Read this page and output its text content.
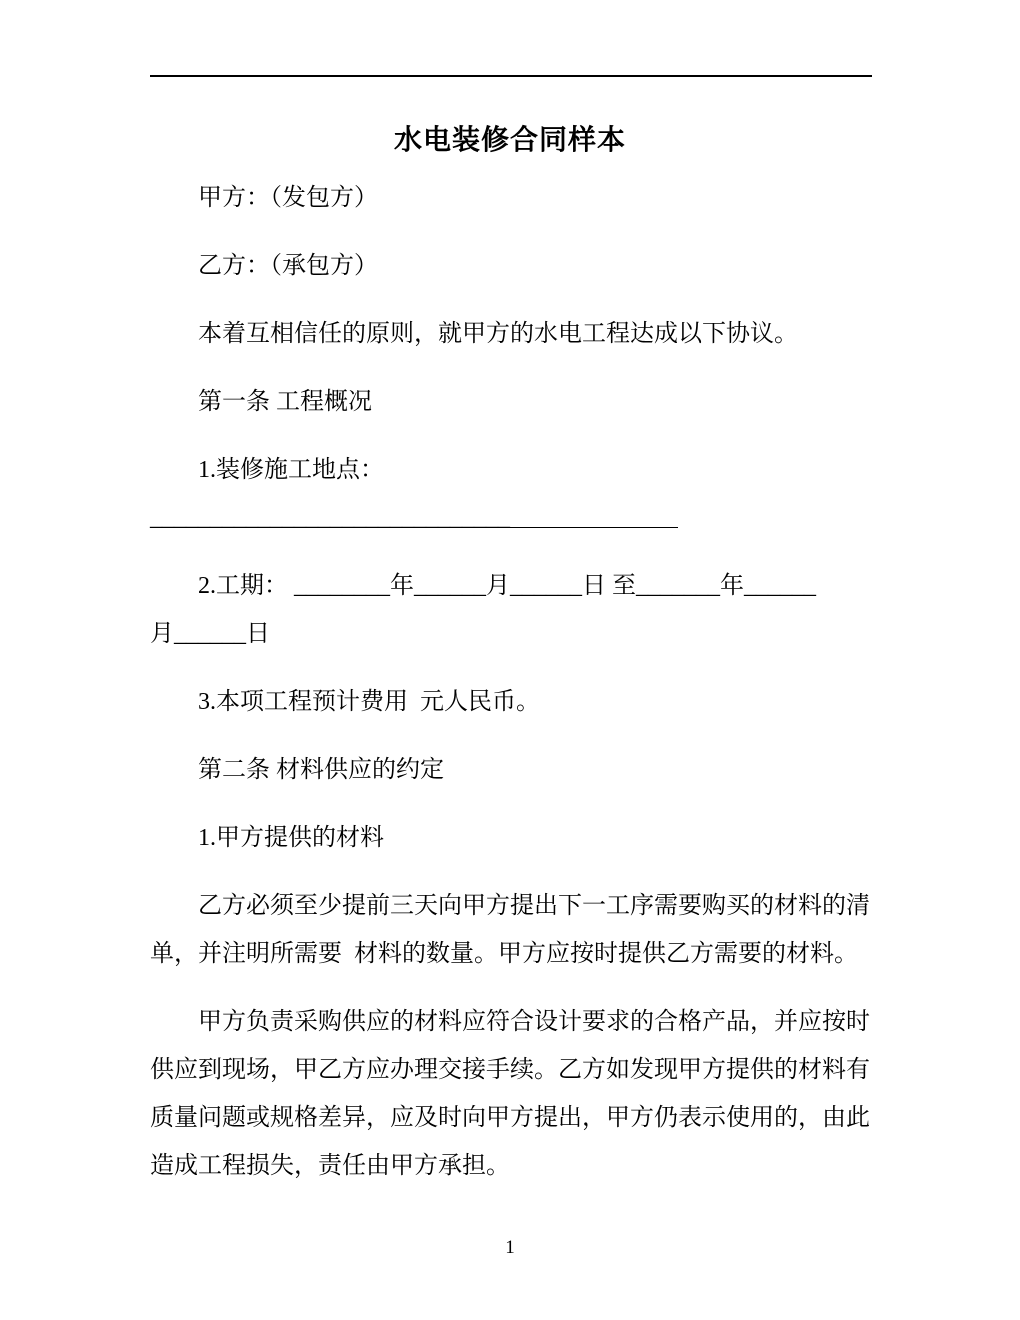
水电装修合同样本

甲方：（发包方）

乙方：（承包方）

本着互相信任的原则，就甲方的水电工程达成以下协议。

第一条 工程概况

1.装修施工地点：

______________________________＿＿＿＿＿＿＿

2.工期： ________年______月______日 至_______年______

月______日

3.本项工程预计费用  元人民币。

第二条 材料供应的约定

1.甲方提供的材料

乙方必须至少提前三天向甲方提出下一工序需要购买的材料的清单，并注明所需要  材料的数量。甲方应按时提供乙方需要的材料。

甲方负责采购供应的材料应符合设计要求的合格产品，并应按时供应到现场，甲乙方应办理交接手续。乙方如发现甲方提供的材料有质量问题或规格差异，应及时向甲方提出，甲方仍表示使用的，由此造成工程损失，责任由甲方承担。

1
